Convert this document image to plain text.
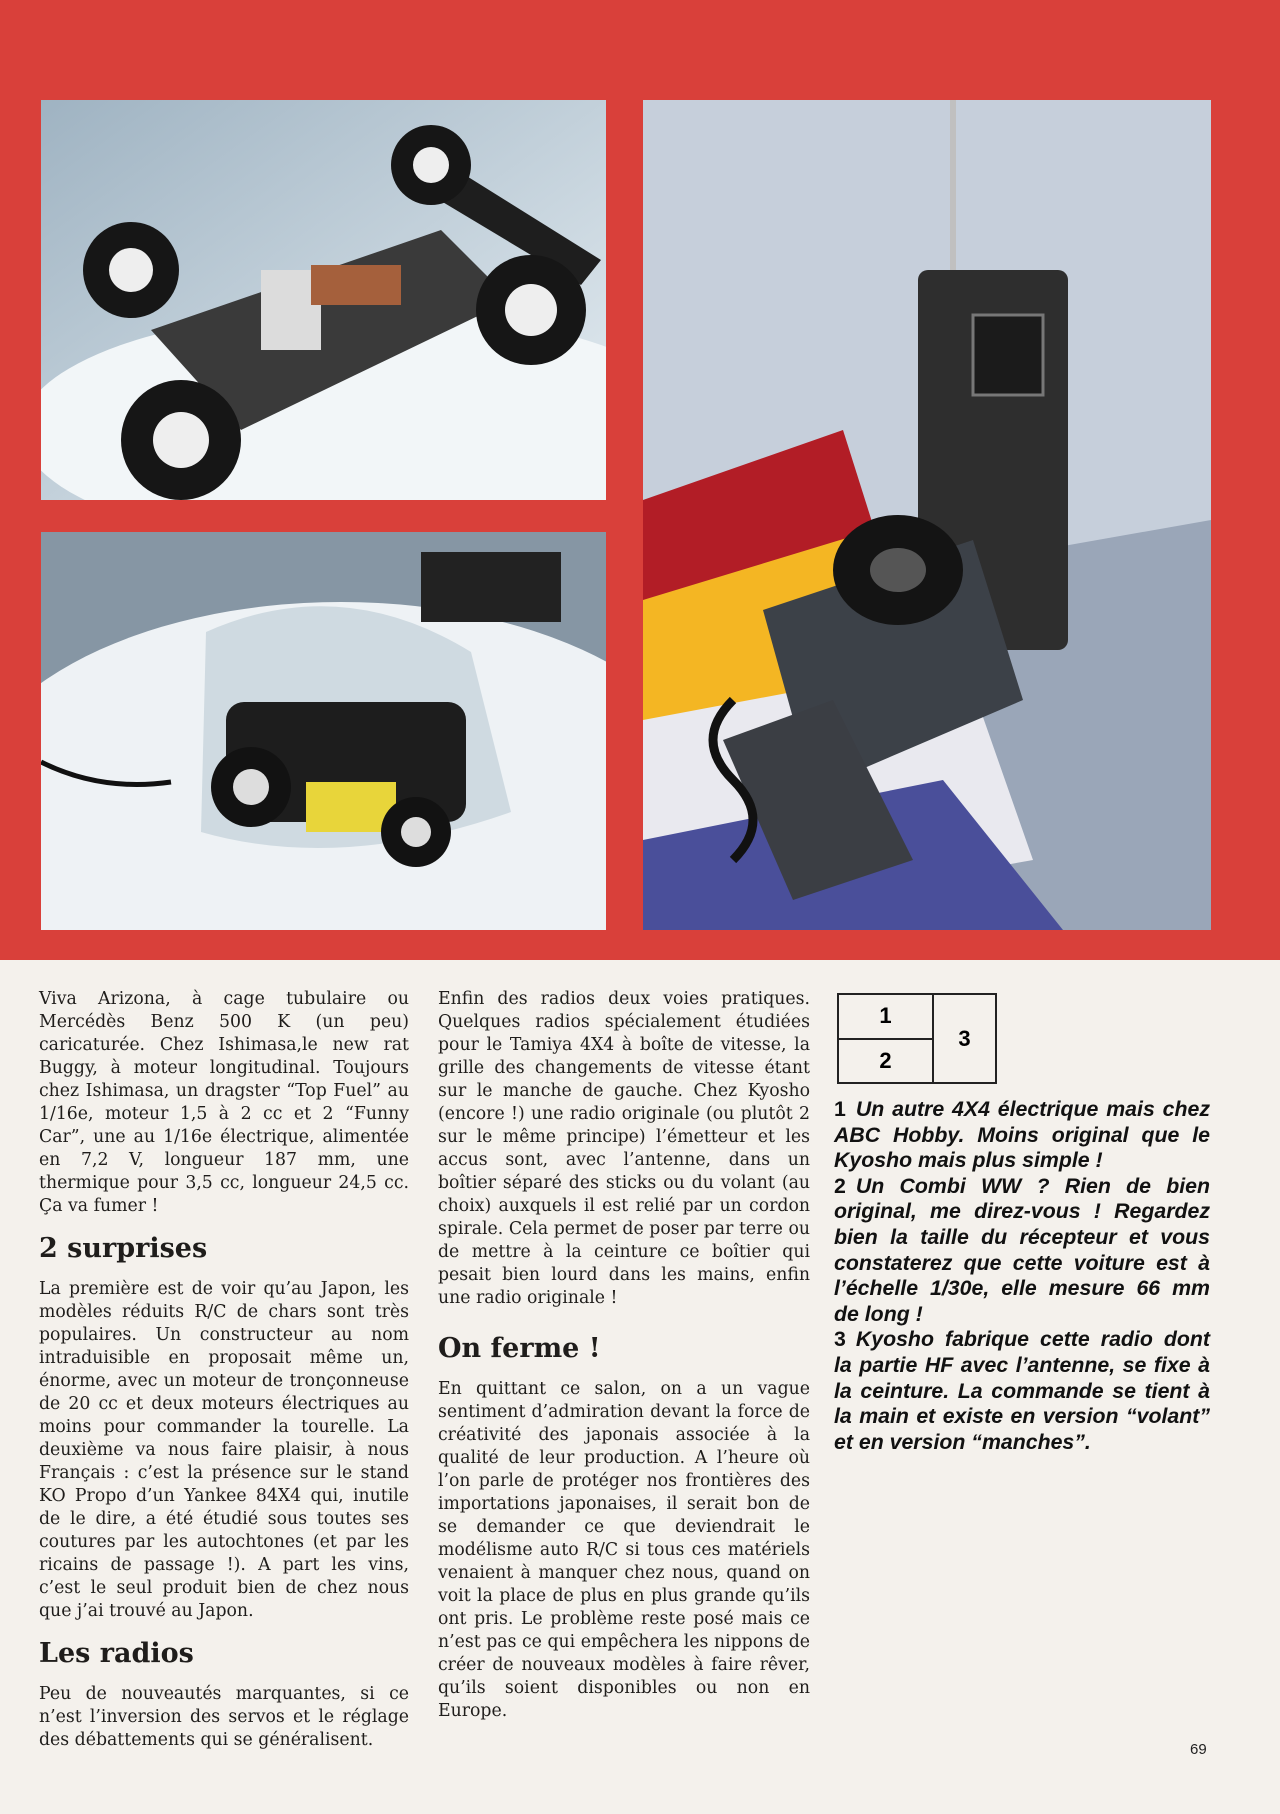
Viva Arizona, à cage tubulaire ou Mercédès Benz 500 K (un peu) caricaturée. Chez Ishimasa,le new rat Buggy, à moteur longitudinal. Toujours chez Ishimasa, un dragster “Top Fuel” au 1/16e, moteur 1,5 à 2 cc et 2 “Funny Car”, une au 1/16e électrique, alimentée en 7,2 V, longueur 187 mm, une thermique pour 3,5 cc, longueur 24,5 cc. Ça va fumer !

2 surprises

La première est de voir qu’au Japon, les modèles réduits R/C de chars sont très populaires. Un constructeur au nom intraduisible en proposait même un, énorme, avec un moteur de tronçonneuse de 20 cc et deux moteurs électriques au moins pour commander la tourelle. La deuxième va nous faire plaisir, à nous Français : c’est la présence sur le stand KO Propo d’un Yankee 84X4 qui, inutile de le dire, a été étudié sous toutes ses coutures par les autochtones (et par les ricains de passage !). A part les vins, c’est le seul produit bien de chez nous que j’ai trouvé au Japon.

Les radios

Peu de nouveautés marquantes, si ce n’est l’inversion des servos et le réglage des débattements qui se généralisent.

Enfin des radios deux voies pratiques. Quelques radios spécialement étudiées pour le Tamiya 4X4 à boîte de vitesse, la grille des changements de vitesse étant sur le manche de gauche. Chez Kyosho (encore !) une radio originale (ou plutôt 2 sur le même principe) l’émetteur et les accus sont, avec l’antenne, dans un boîtier séparé des sticks ou du volant (au choix) auxquels il est relié par un cordon spirale. Cela permet de poser par terre ou de mettre à la ceinture ce boîtier qui pesait bien lourd dans les mains, enfin une radio originale !

On ferme !

En quittant ce salon, on a un vague sentiment d’admiration devant la force de créativité des japonais associée à la qualité de leur production. A l’heure où l’on parle de protéger nos frontières des importations japonaises, il serait bon de se demander ce que deviendrait le modélisme auto R/C si tous ces matériels venaient à manquer chez nous, quand on voit la place de plus en plus grande qu’ils ont pris. Le problème reste posé mais ce n’est pas ce qui empêchera les nippons de créer de nouveaux modèles à faire rêver, qu’ils soient disponibles ou non en Europe.

1
2
3

1 Un autre 4X4 électrique mais chez ABC Hobby. Moins original que le Kyosho mais plus simple !

2 Un Combi WW ? Rien de bien original, me direz-vous ! Regardez bien la taille du récepteur et vous constaterez que cette voiture est à l’échelle 1/30e, elle mesure 66 mm de long !

3 Kyosho fabrique cette radio dont la partie HF avec l’antenne, se fixe à la ceinture. La commande se tient à la main et existe en version “volant” et en version “manches”.

69
